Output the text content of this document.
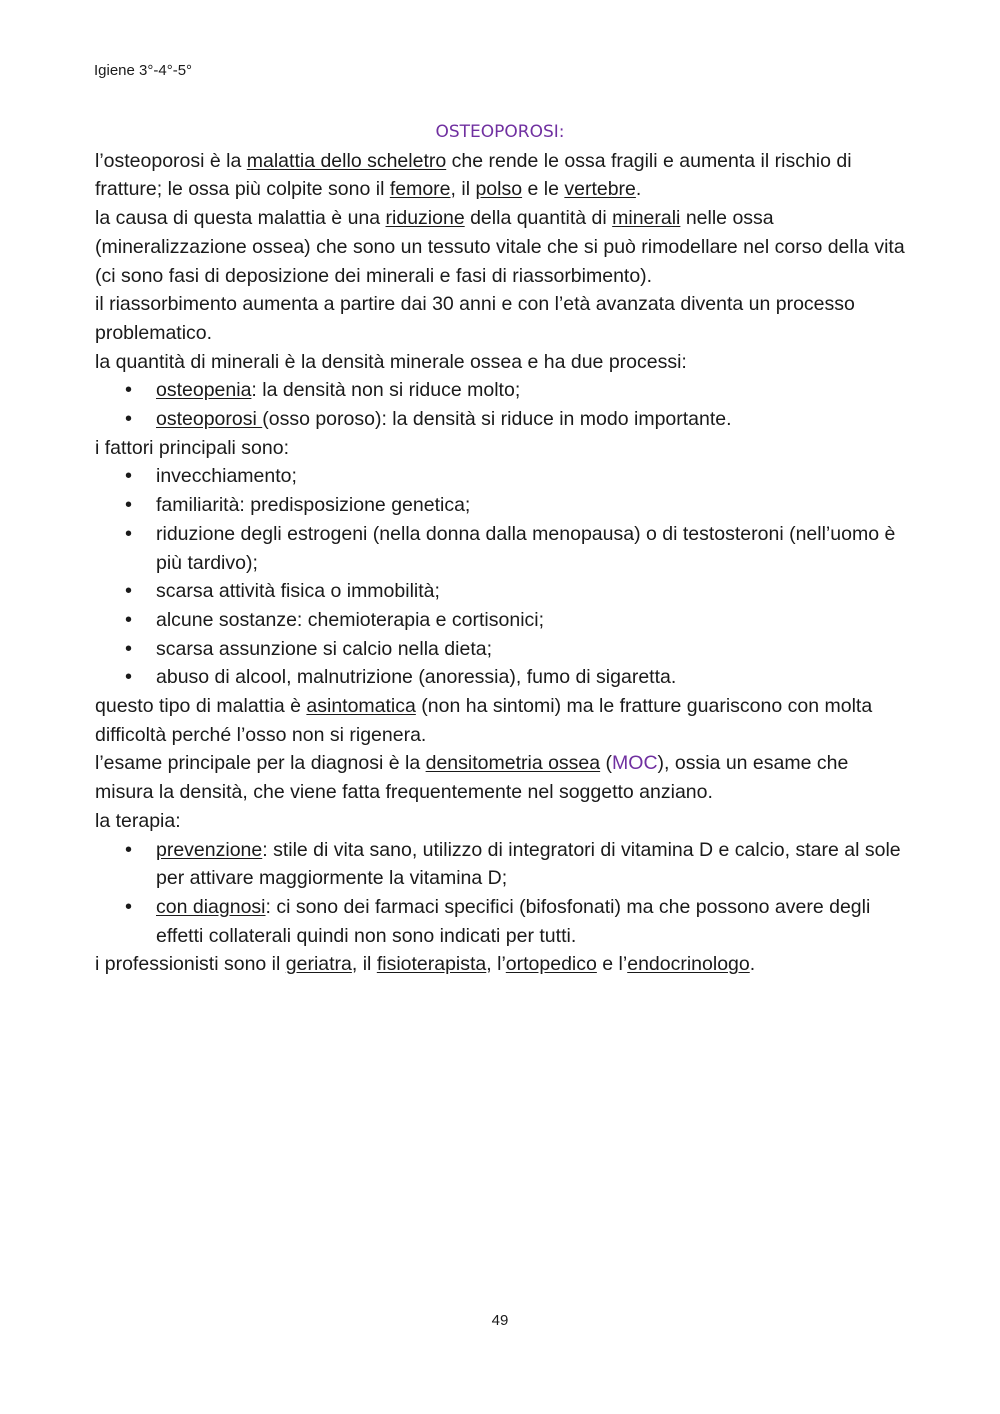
Igiene 3°-4°-5°

OSTEOPOROSI:

l’osteoporosi è la malattia dello scheletro che rende le ossa fragili e aumenta il rischio di fratture; le ossa più colpite sono il femore, il polso e le vertebre.

la causa di questa malattia è una riduzione della quantità di minerali nelle ossa (mineralizzazione ossea) che sono un tessuto vitale che si può rimodellare nel corso della vita (ci sono fasi di deposizione dei minerali e fasi di riassorbimento).

il riassorbimento aumenta a partire dai 30 anni e con l’età avanzata diventa un processo problematico.

la quantità di minerali è la densità minerale ossea e ha due processi:

• osteopenia: la densità non si riduce molto;
• osteoporosi (osso poroso): la densità si riduce in modo importante.

i fattori principali sono:

• invecchiamento;
• familiarità: predisposizione genetica;
• riduzione degli estrogeni (nella donna dalla menopausa) o di testosteroni (nell’uomo è più tardivo);
• scarsa attività fisica o immobilità;
• alcune sostanze: chemioterapia e cortisonici;
• scarsa assunzione si calcio nella dieta;
• abuso di alcool, malnutrizione (anoressia), fumo di sigaretta.

questo tipo di malattia è asintomatica (non ha sintomi) ma le fratture guariscono con molta difficoltà perché l’osso non si rigenera.

l’esame principale per la diagnosi è la densitometria ossea (MOC), ossia un esame che misura la densità, che viene fatta frequentemente nel soggetto anziano.

la terapia:

• prevenzione: stile di vita sano, utilizzo di integratori di vitamina D e calcio, stare al sole per attivare maggiormente la vitamina D;
• con diagnosi: ci sono dei farmaci specifici (bifosfonati) ma che possono avere degli effetti collaterali quindi non sono indicati per tutti.

i professionisti sono il geriatra, il fisioterapista, l’ortopedico e l’endocrinologo.

49
